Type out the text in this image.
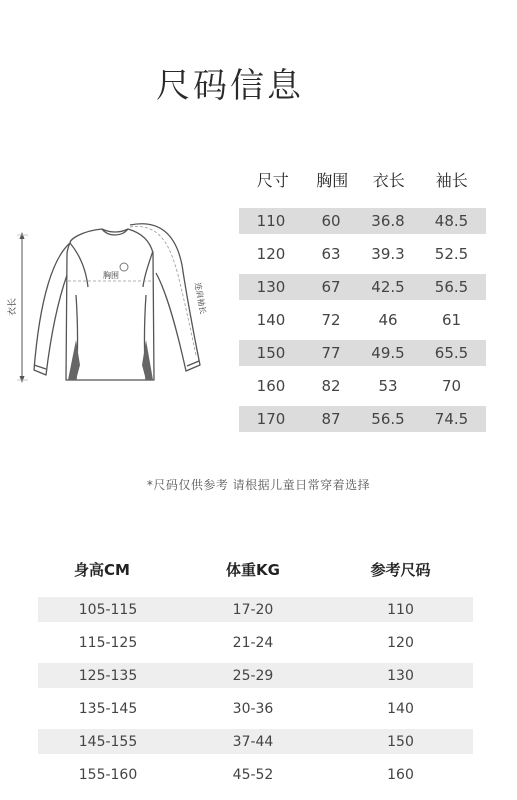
尺码信息
衣长
胸围
连肩袖长
尺寸	胸围	衣长	袖长
110	60	36.8	48.5
120	63	39.3	52.5
130	67	42.5	56.5
140	72	46	61
150	77	49.5	65.5
160	82	53	70
170	87	56.5	74.5
*尺码仅供参考 请根据儿童日常穿着选择
身高CM	体重KG	参考尺码
105-115	17-20	110
115-125	21-24	120
125-135	25-29	130
135-145	30-36	140
145-155	37-44	150
155-160	45-52	160
